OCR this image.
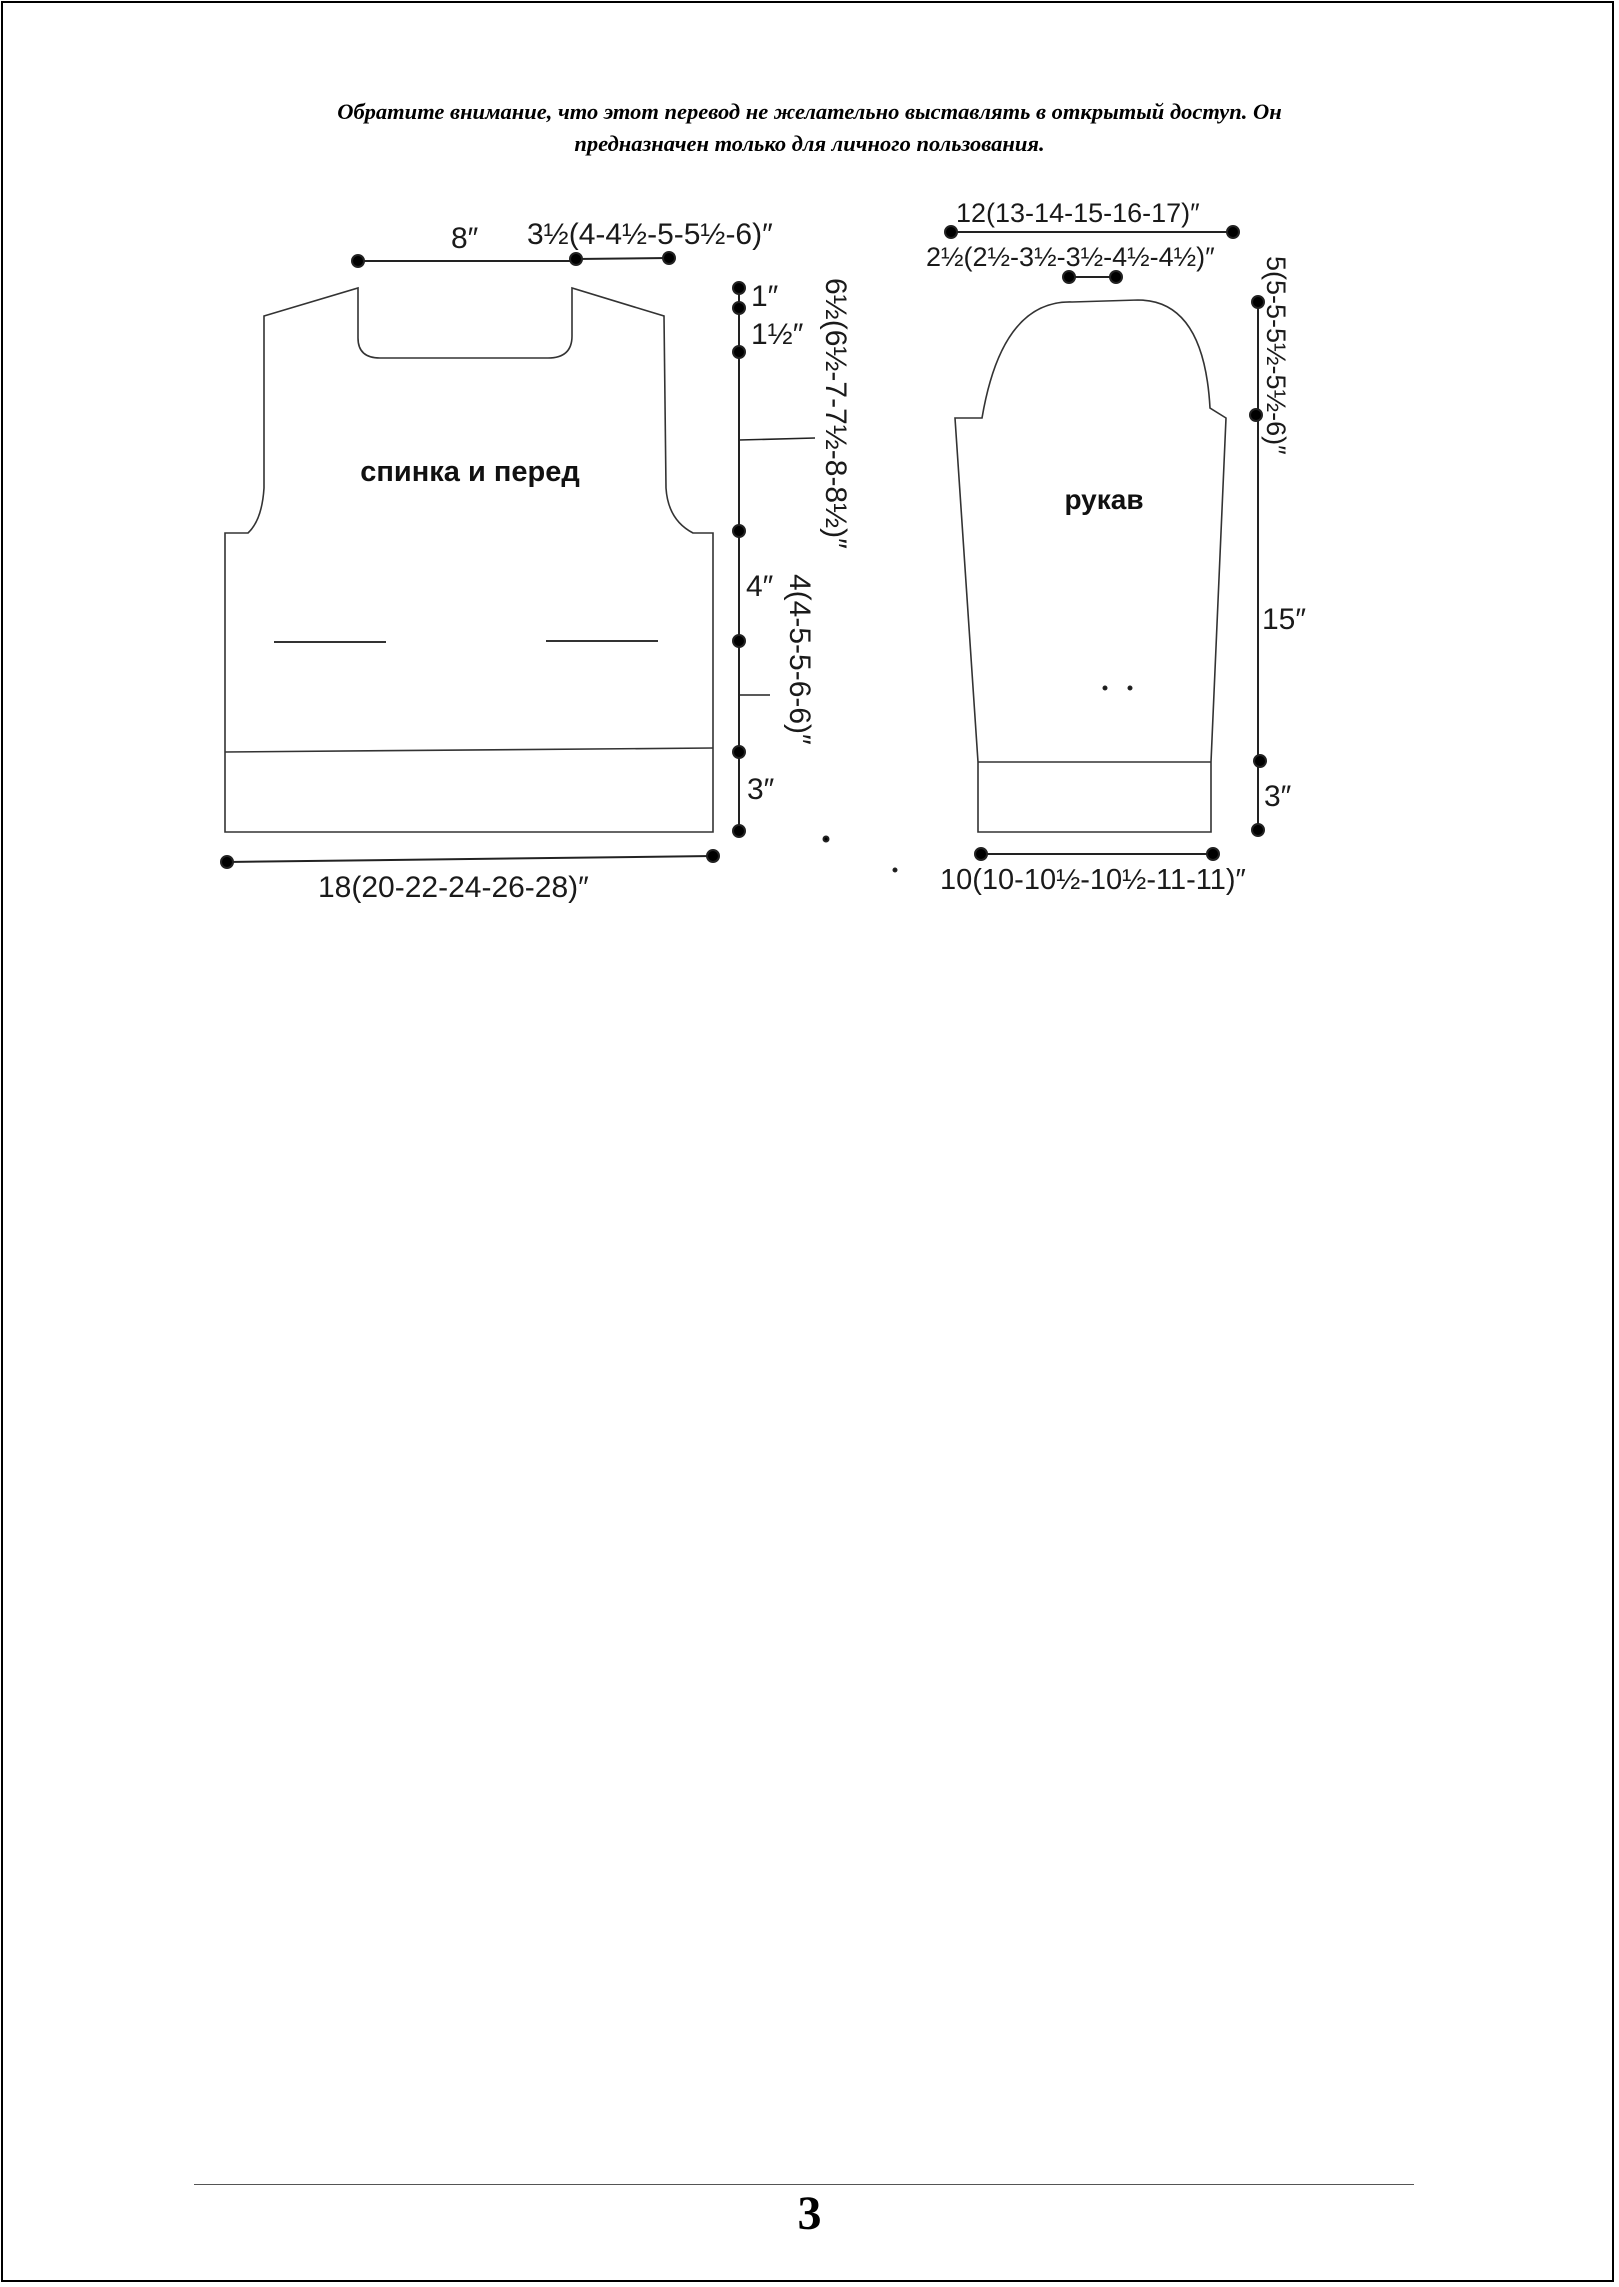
Обратите внимание, что этот перевод не желательно выставлять в открытый доступ. Он
предназначен только для личного пользования.
спинка и перед
8″ 3½(4-4½-5-5½-6)″
1″
1½″ 6½(6½-7-7½-8-8½)″
4″ 4(4-5-5-6-6)″
3″
18(20-22-24-26-28)″
рукав
12(13-14-15-16-17)″
2½(2½-3½-3½-4½-4½)″ 5(5-5-5½-5½-6)″
15″
3″
10(10-10½-10½-11-11)″
3
